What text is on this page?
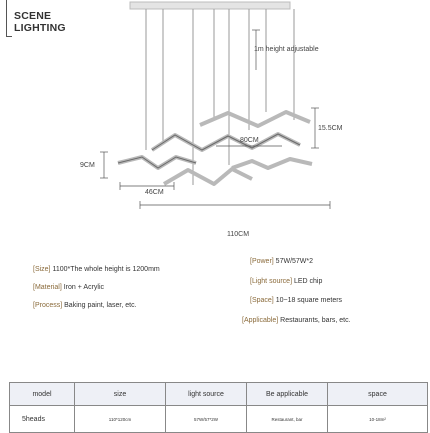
SCENE
LIGHTING
1m height adjustable
15.5CM
80CM
9CM
46CM
110CM
[Size] 1100*The whole height is 1200mm
[Material] Iron + Acrylic
[Process] Baking paint, laser, etc.
[Power] 57W/57W*2
[Light source] LED chip
[Space] 10~18 square meters
[Applicable] Restaurants, bars, etc.
model	size	light source	Be applicable	space
5heads	110*120cm	57W/57*2W	Restaurant, bar	10-18m²
